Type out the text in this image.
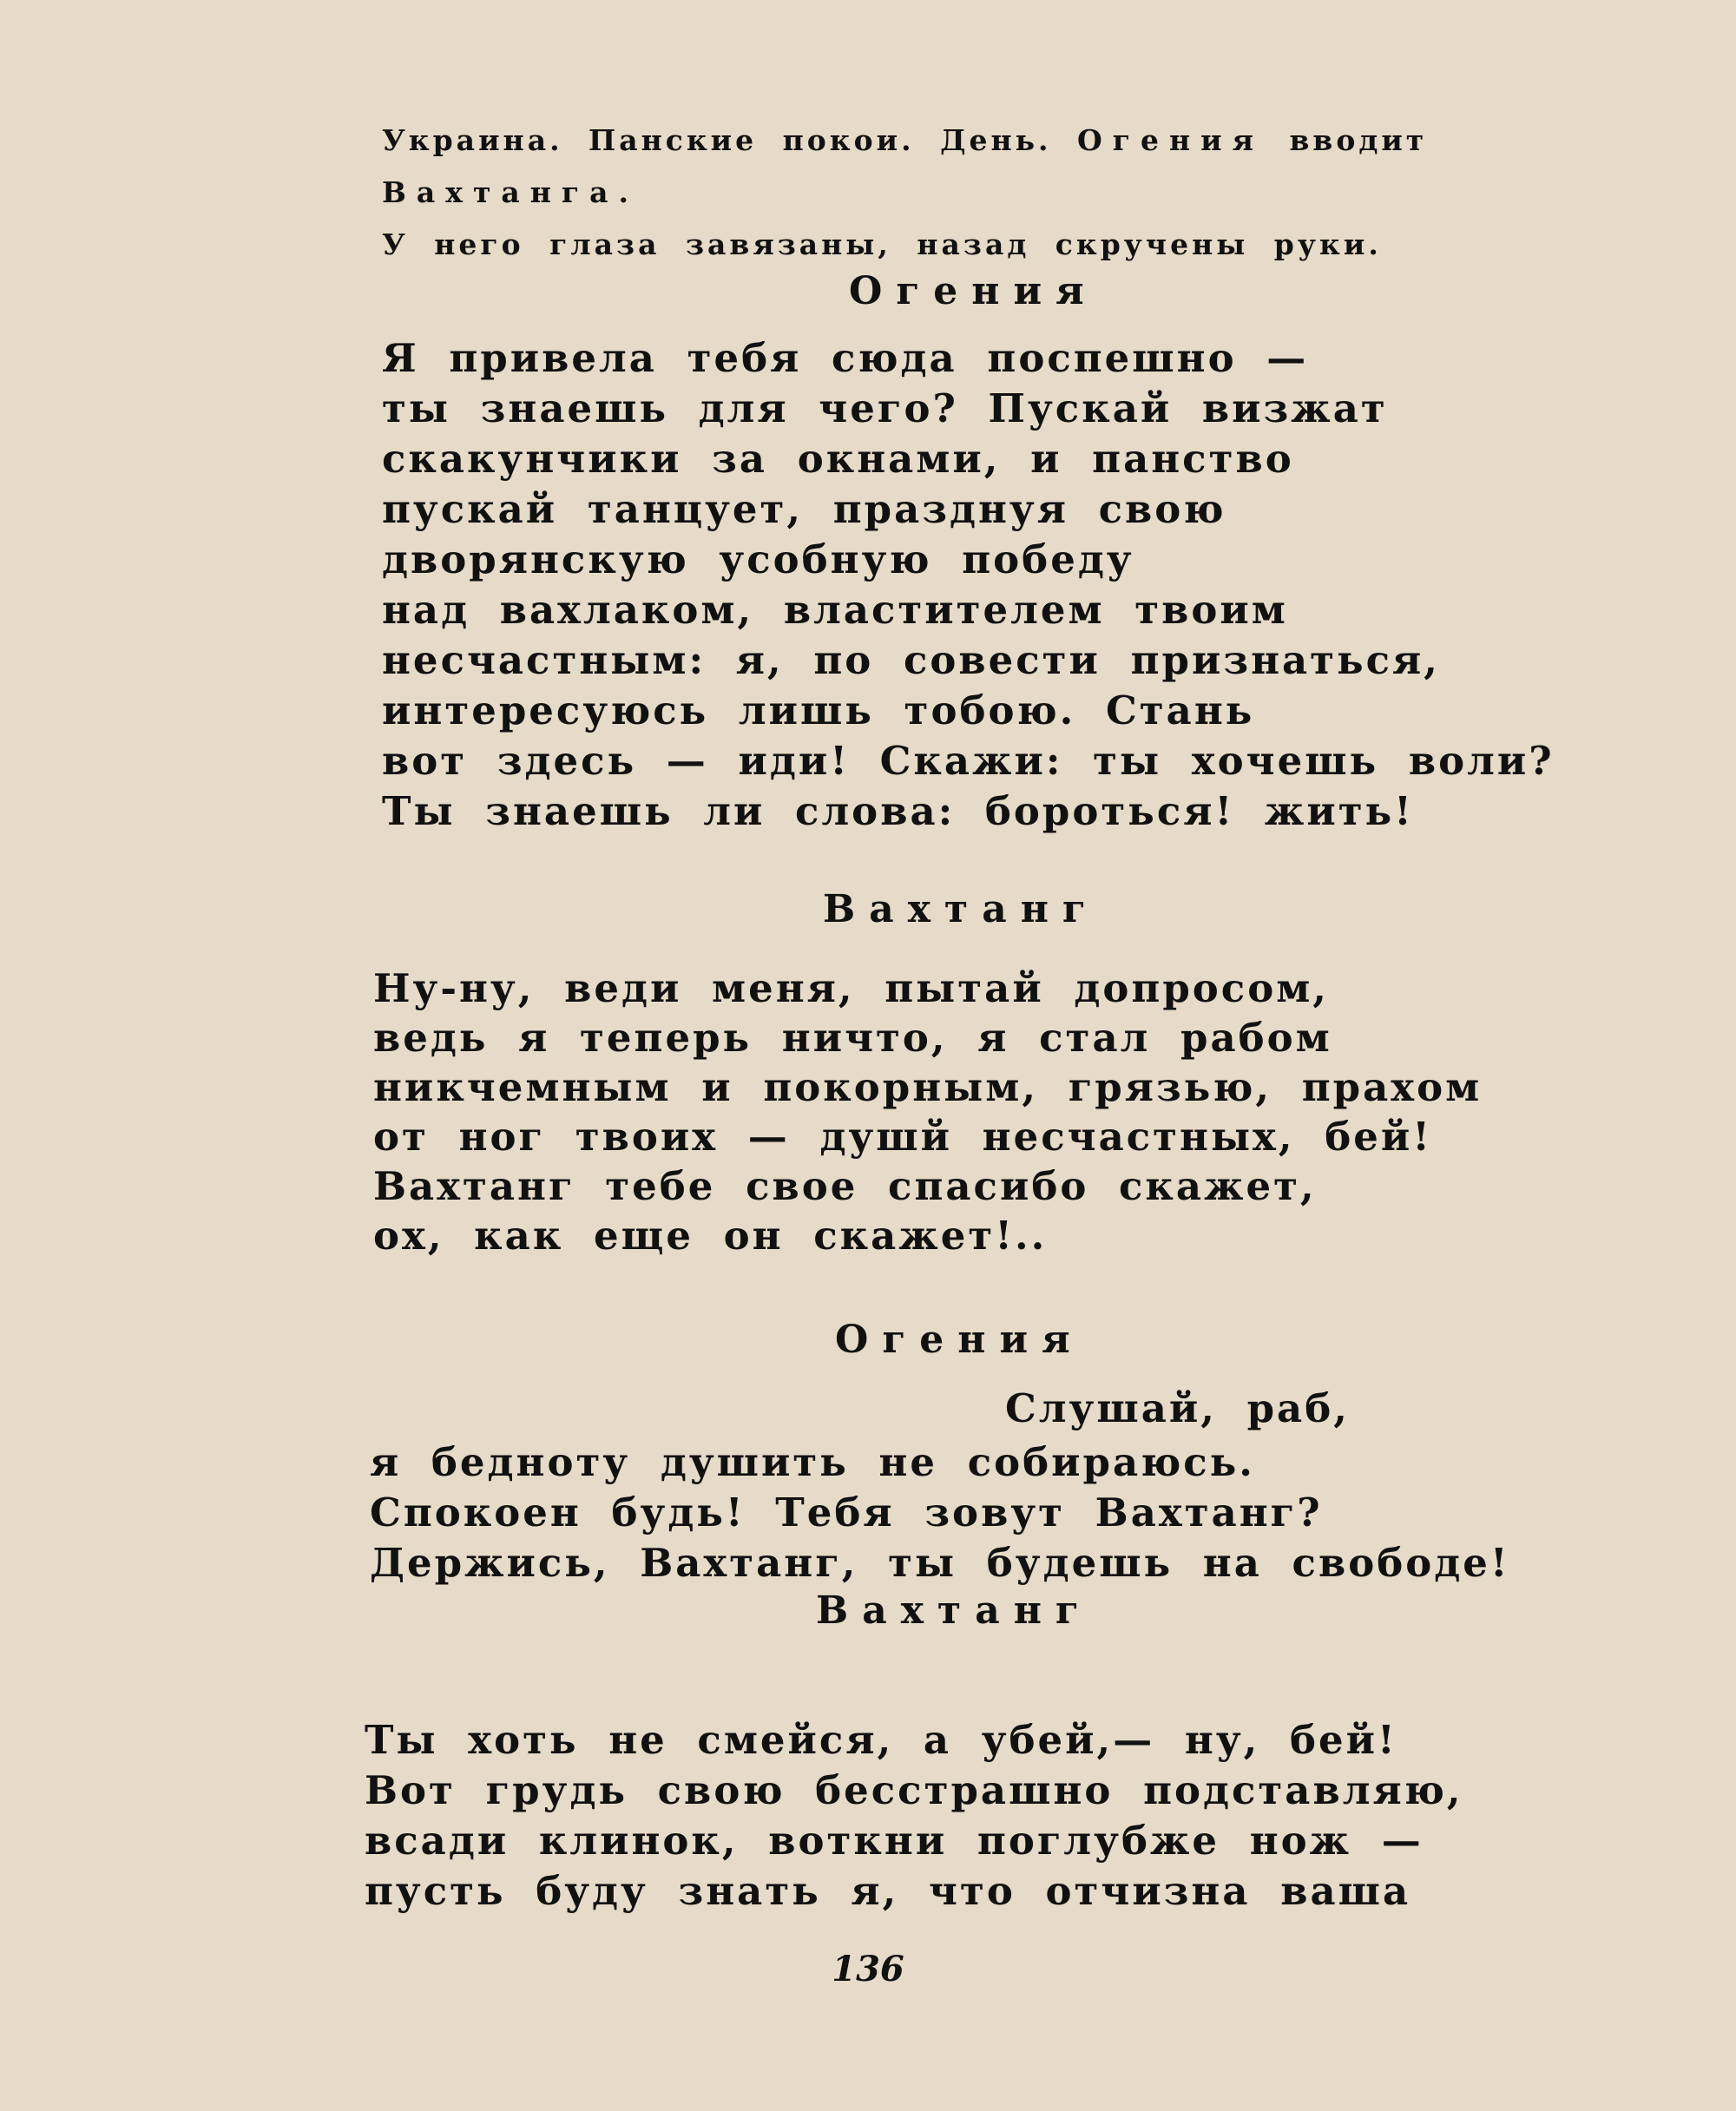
Украина. Панские покои. День. Огения вводит Вахтанга.
У него глаза завязаны, назад скручены руки.
Огения
Я привела тебя сюда поспешно —
ты знаешь для чего? Пускай визжат
скакунчики за окнами, и панство
пускай танцует, празднуя свою
дворянскую усобную победу
над вахлаком, властителем твоим
несчастным: я, по совести признаться,
интересуюсь лишь тобою. Стань
вот здесь — иди! Скажи: ты хочешь воли?
Ты знаешь ли слова: бороться! жить!
Вахтанг
Ну-ну, веди меня, пытай допросом,
ведь я теперь ничто, я стал рабом
никчемным и покорным, грязью, прахом
от ног твоих — душй несчастных, бей!
Вахтанг тебе свое спасибо скажет,
ох, как еще он скажет!..
Огения
Слушай, раб,
я бедноту душить не собираюсь.
Спокоен будь! Тебя зовут Вахтанг?
Держись, Вахтанг, ты будешь на свободе!
Вахтанг
Ты хоть не смейся, а убей,— ну, бей!
Вот грудь свою бесстрашно подставляю,
всади клинок, воткни поглубже нож —
пусть буду знать я, что отчизна ваша
136
